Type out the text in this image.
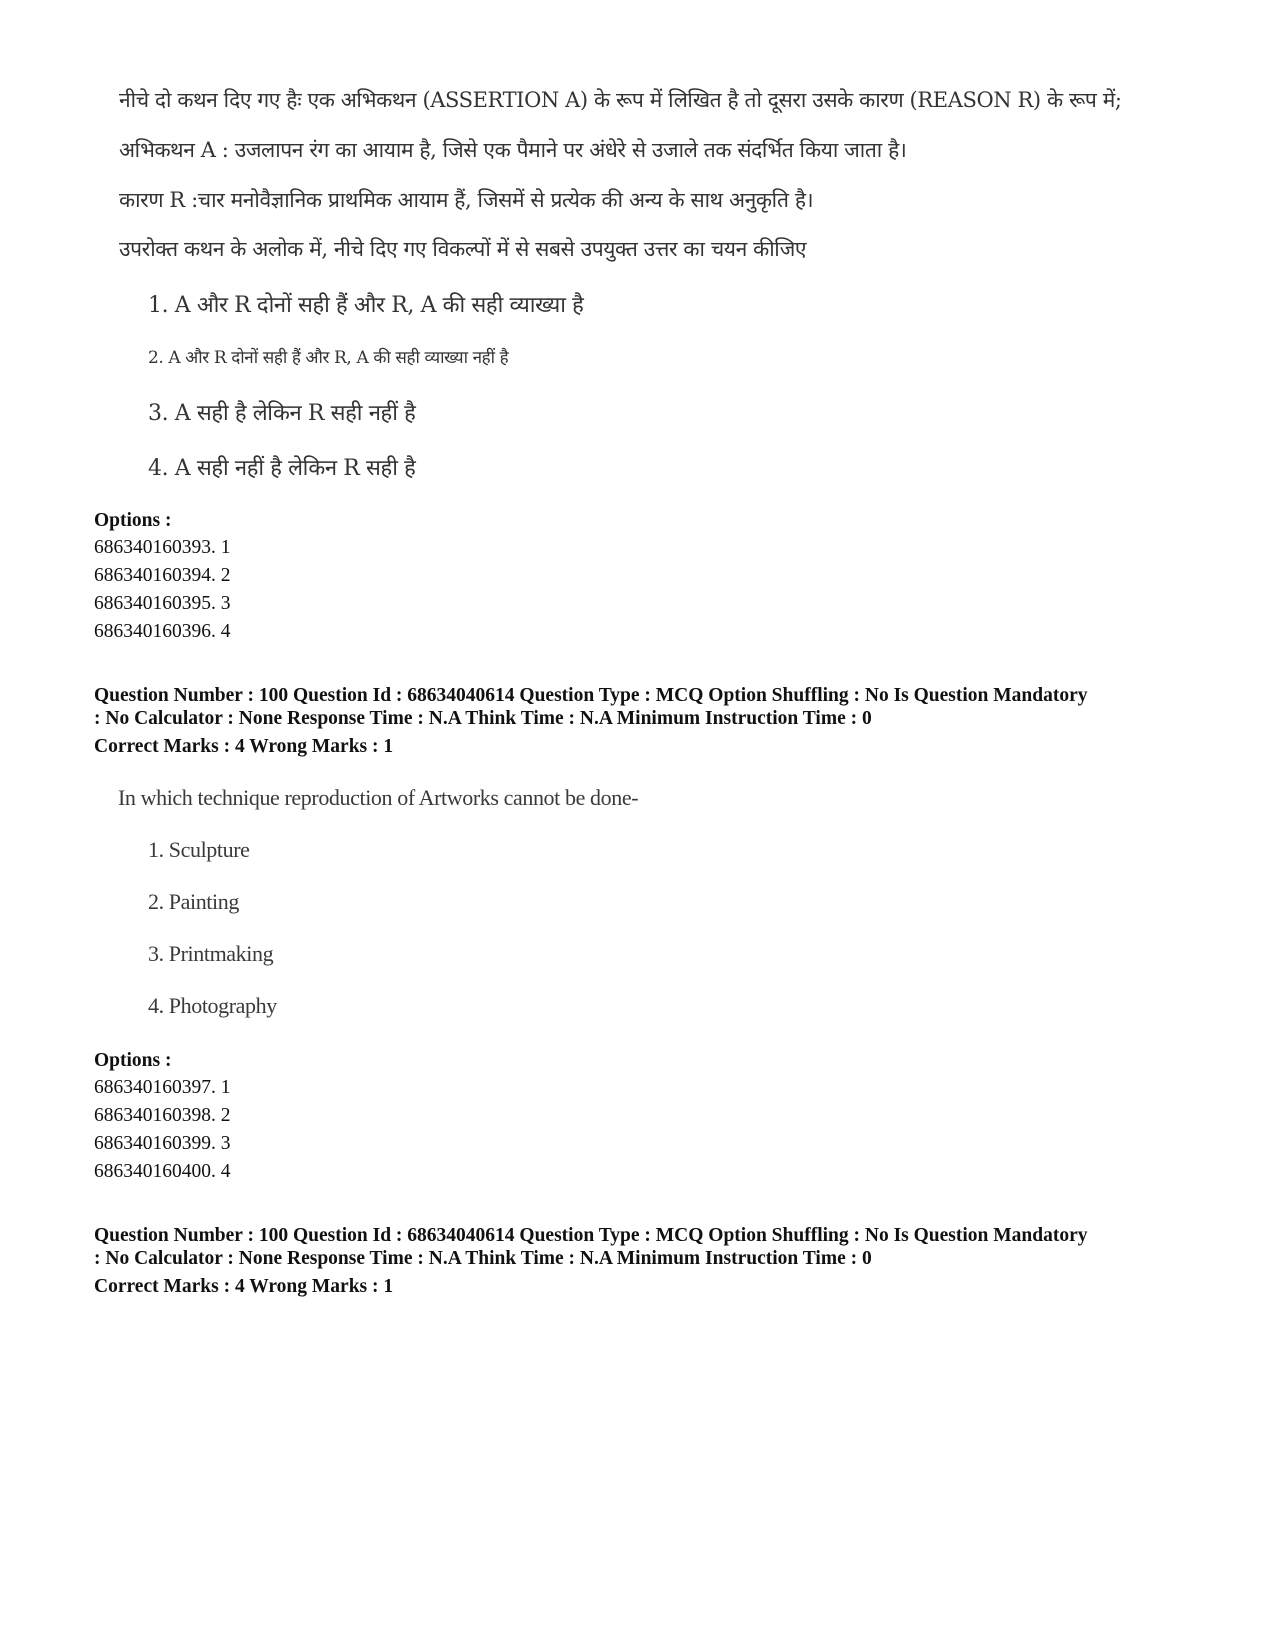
नीचे दो कथन दिए गए हैः एक अभिकथन (ASSERTION A) के रूप में लिखित है तो दूसरा उसके कारण (REASON R) के रूप में;
अभिकथन A : उजलापन रंग का आयाम है, जिसे एक पैमाने पर अंधेरे से उजाले तक संदर्भित किया जाता है।
कारण R :चार मनोवैज्ञानिक प्राथमिक आयाम हैं, जिसमें से प्रत्येक की अन्य के साथ अनुकृति है।
उपरोक्त कथन के अलोक में, नीचे दिए गए विकल्पों में से सबसे उपयुक्त उत्तर का चयन कीजिए
1. A और R दोनों सही हैं और R, A की सही व्याख्या है
2. A और R दोनों सही हैं और R, A की सही व्याख्या नहीं है
3. A सही है लेकिन R सही नहीं है
4. A सही नहीं है लेकिन R सही है
Options :
686340160393. 1
686340160394. 2
686340160395. 3
686340160396. 4
Question Number : 100 Question Id : 68634040614 Question Type : MCQ Option Shuffling : No Is Question Mandatory
: No Calculator : None Response Time : N.A Think Time : N.A Minimum Instruction Time : 0
Correct Marks : 4 Wrong Marks : 1
In which technique reproduction of Artworks cannot be done-
1. Sculpture
2. Painting
3. Printmaking
4. Photography
Options :
686340160397. 1
686340160398. 2
686340160399. 3
686340160400. 4
Question Number : 100 Question Id : 68634040614 Question Type : MCQ Option Shuffling : No Is Question Mandatory
: No Calculator : None Response Time : N.A Think Time : N.A Minimum Instruction Time : 0
Correct Marks : 4 Wrong Marks : 1
